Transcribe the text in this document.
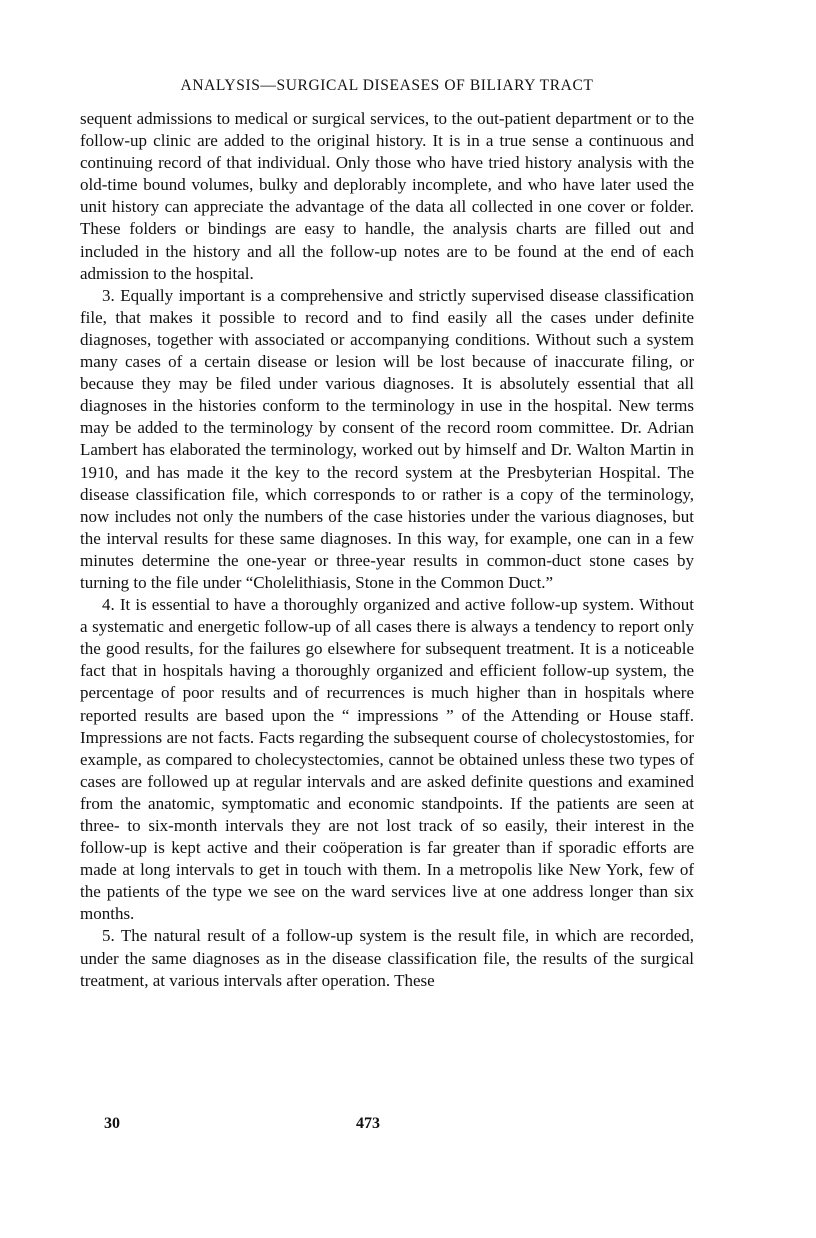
ANALYSIS—SURGICAL DISEASES OF BILIARY TRACT

sequent admissions to medical or surgical services, to the out-patient department or to the follow-up clinic are added to the original history. It is in a true sense a continuous and continuing record of that individual. Only those who have tried history analysis with the old-time bound volumes, bulky and deplorably incomplete, and who have later used the unit history can appreciate the advantage of the data all collected in one cover or folder. These folders or bindings are easy to handle, the analysis charts are filled out and included in the history and all the follow-up notes are to be found at the end of each admission to the hospital.

3. Equally important is a comprehensive and strictly supervised disease classification file, that makes it possible to record and to find easily all the cases under definite diagnoses, together with associated or accompanying conditions. Without such a system many cases of a certain disease or lesion will be lost because of inaccurate filing, or because they may be filed under various diagnoses. It is absolutely essential that all diagnoses in the histories conform to the terminology in use in the hospital. New terms may be added to the terminology by consent of the record room committee. Dr. Adrian Lambert has elaborated the terminology, worked out by himself and Dr. Walton Martin in 1910, and has made it the key to the record system at the Presbyterian Hospital. The disease classification file, which corresponds to or rather is a copy of the terminology, now includes not only the numbers of the case histories under the various diagnoses, but the interval results for these same diagnoses. In this way, for example, one can in a few minutes determine the one-year or three-year results in common-duct stone cases by turning to the file under “Cholelithiasis, Stone in the Common Duct.”

4. It is essential to have a thoroughly organized and active follow-up system. Without a systematic and energetic follow-up of all cases there is always a tendency to report only the good results, for the failures go elsewhere for subsequent treatment. It is a noticeable fact that in hospitals having a thoroughly organized and efficient follow-up system, the percentage of poor results and of recurrences is much higher than in hospitals where reported results are based upon the “ impressions ” of the Attending or House staff. Impressions are not facts. Facts regarding the subsequent course of cholecystostomies, for example, as compared to cholecystectomies, cannot be obtained unless these two types of cases are followed up at regular intervals and are asked definite questions and examined from the anatomic, symptomatic and economic standpoints. If the patients are seen at three- to six-month intervals they are not lost track of so easily, their interest in the follow-up is kept active and their coöperation is far greater than if sporadic efforts are made at long intervals to get in touch with them. In a metropolis like New York, few of the patients of the type we see on the ward services live at one address longer than six months.

5. The natural result of a follow-up system is the result file, in which are recorded, under the same diagnoses as in the disease classification file, the results of the surgical treatment, at various intervals after operation. These

30	473
